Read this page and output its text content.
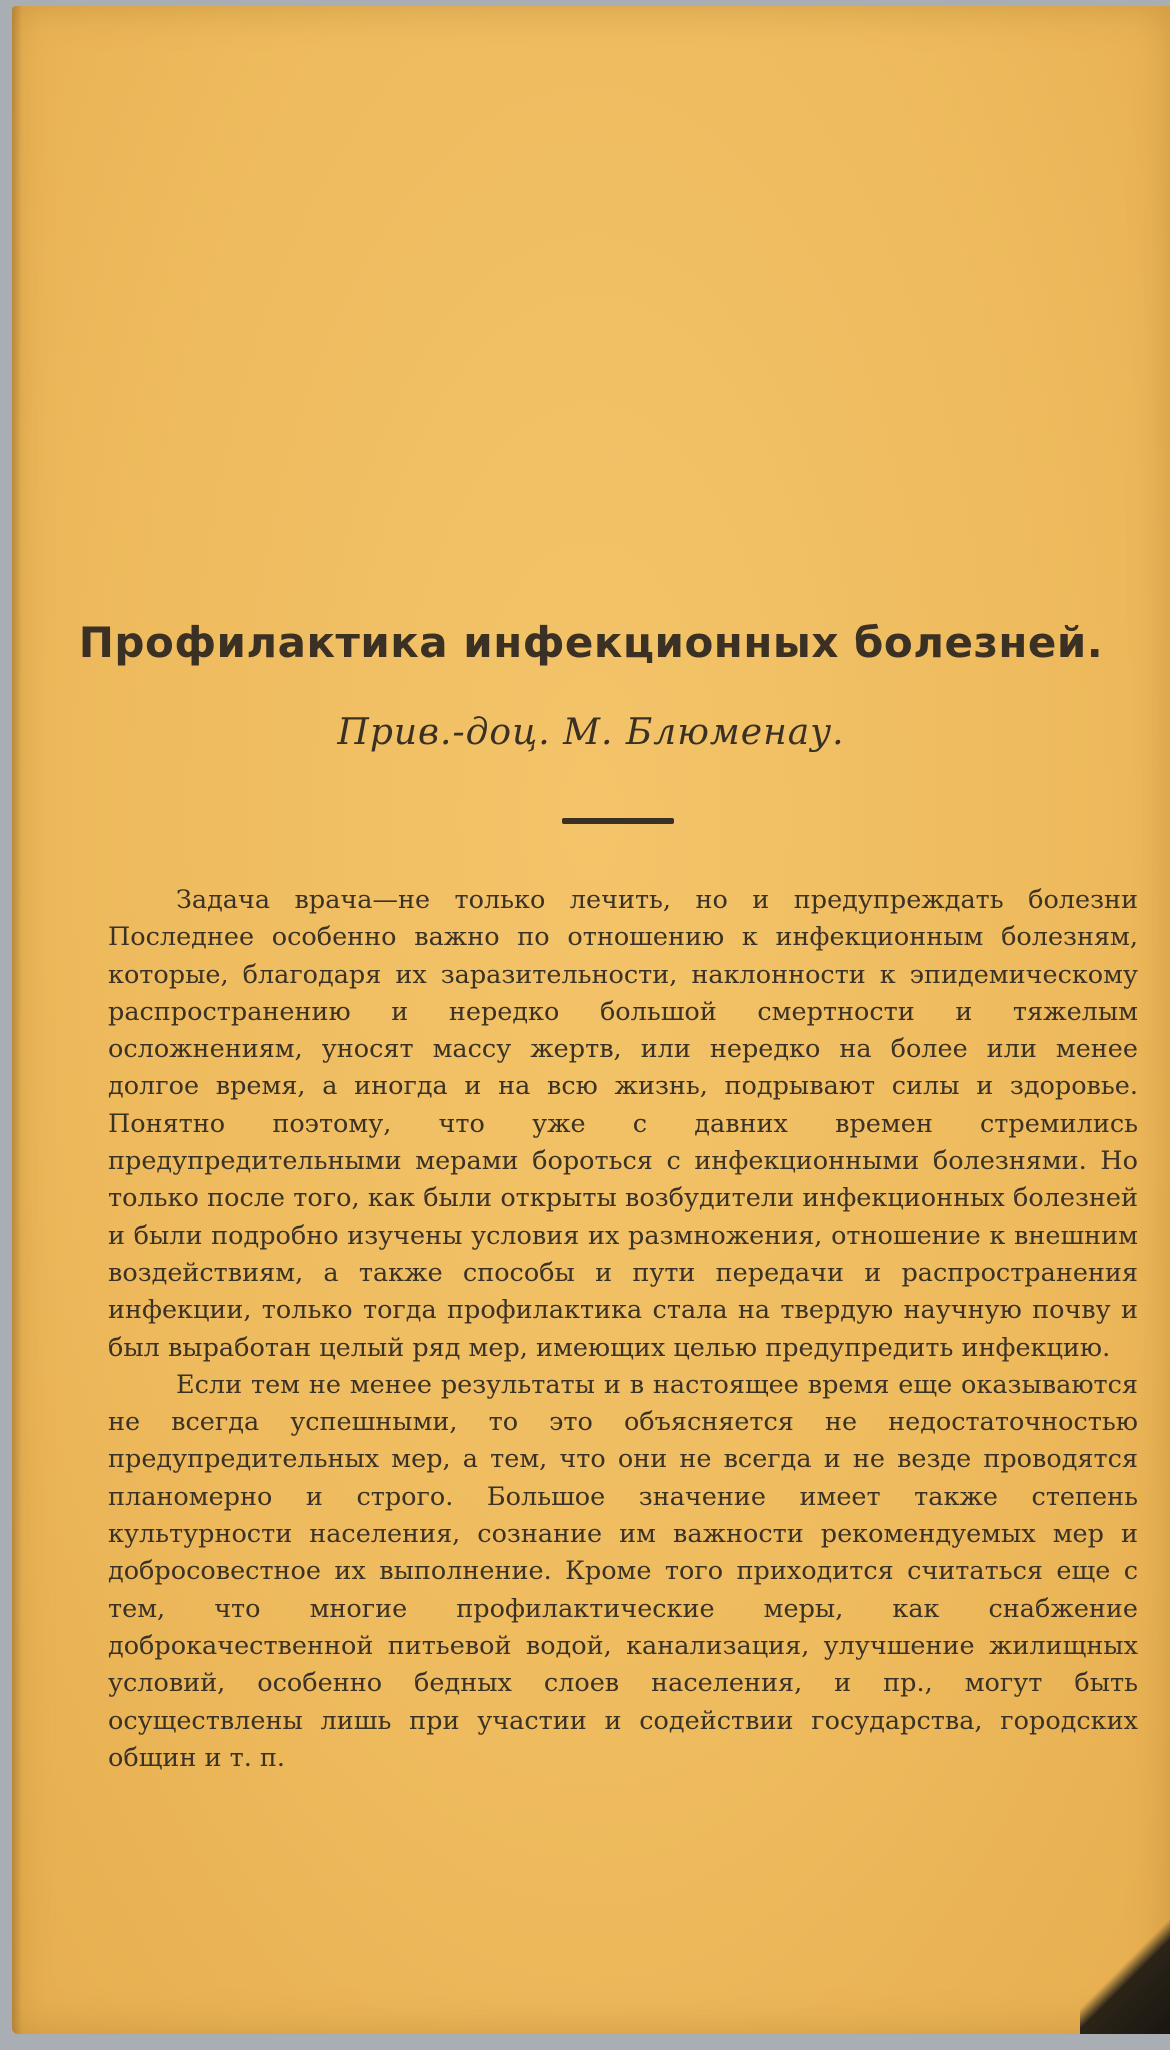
Профилактика инфекционных болезней.
Прив.-доц. М. Блюменау.

Задача врача—не только лечить, но и предупреждать болезни Последнее особенно важно по отношению к инфекционным болезням, которые, благодаря их заразительности, наклонности к эпидемическому распространению и нередко большой смертности и тяжелым осложнениям, уносят массу жертв, или нередко на более или менее долгое время, а иногда и на всю жизнь, подрывают силы и здоровье. Понятно поэтому, что уже с давних времен стремились предупредительными мерами бороться с инфекционными болезнями. Но только после того, как были открыты возбудители инфекционных болезней и были подробно изучены условия их размножения, отношение к внешним воздействиям, а также способы и пути передачи и распространения инфекции, только тогда профилактика стала на твердую научную почву и был выработан целый ряд мер, имеющих целью предупредить инфекцию.

Если тем не менее результаты и в настоящее время еще оказываются не всегда успешными, то это объясняется не недостаточностью предупредительных мер, а тем, что они не всегда и не везде проводятся планомерно и строго. Большое значение имеет также степень культурности населения, сознание им важности рекомендуемых мер и добросовестное их выполнение. Кроме того приходится считаться еще с тем, что многие профилактические меры, как снабжение доброкачественной питьевой водой, канализация, улучшение жилищных условий, особенно бедных слоев населения, и пр., могут быть осуществлены лишь при участии и содействии государства, городских общин и т. п.
